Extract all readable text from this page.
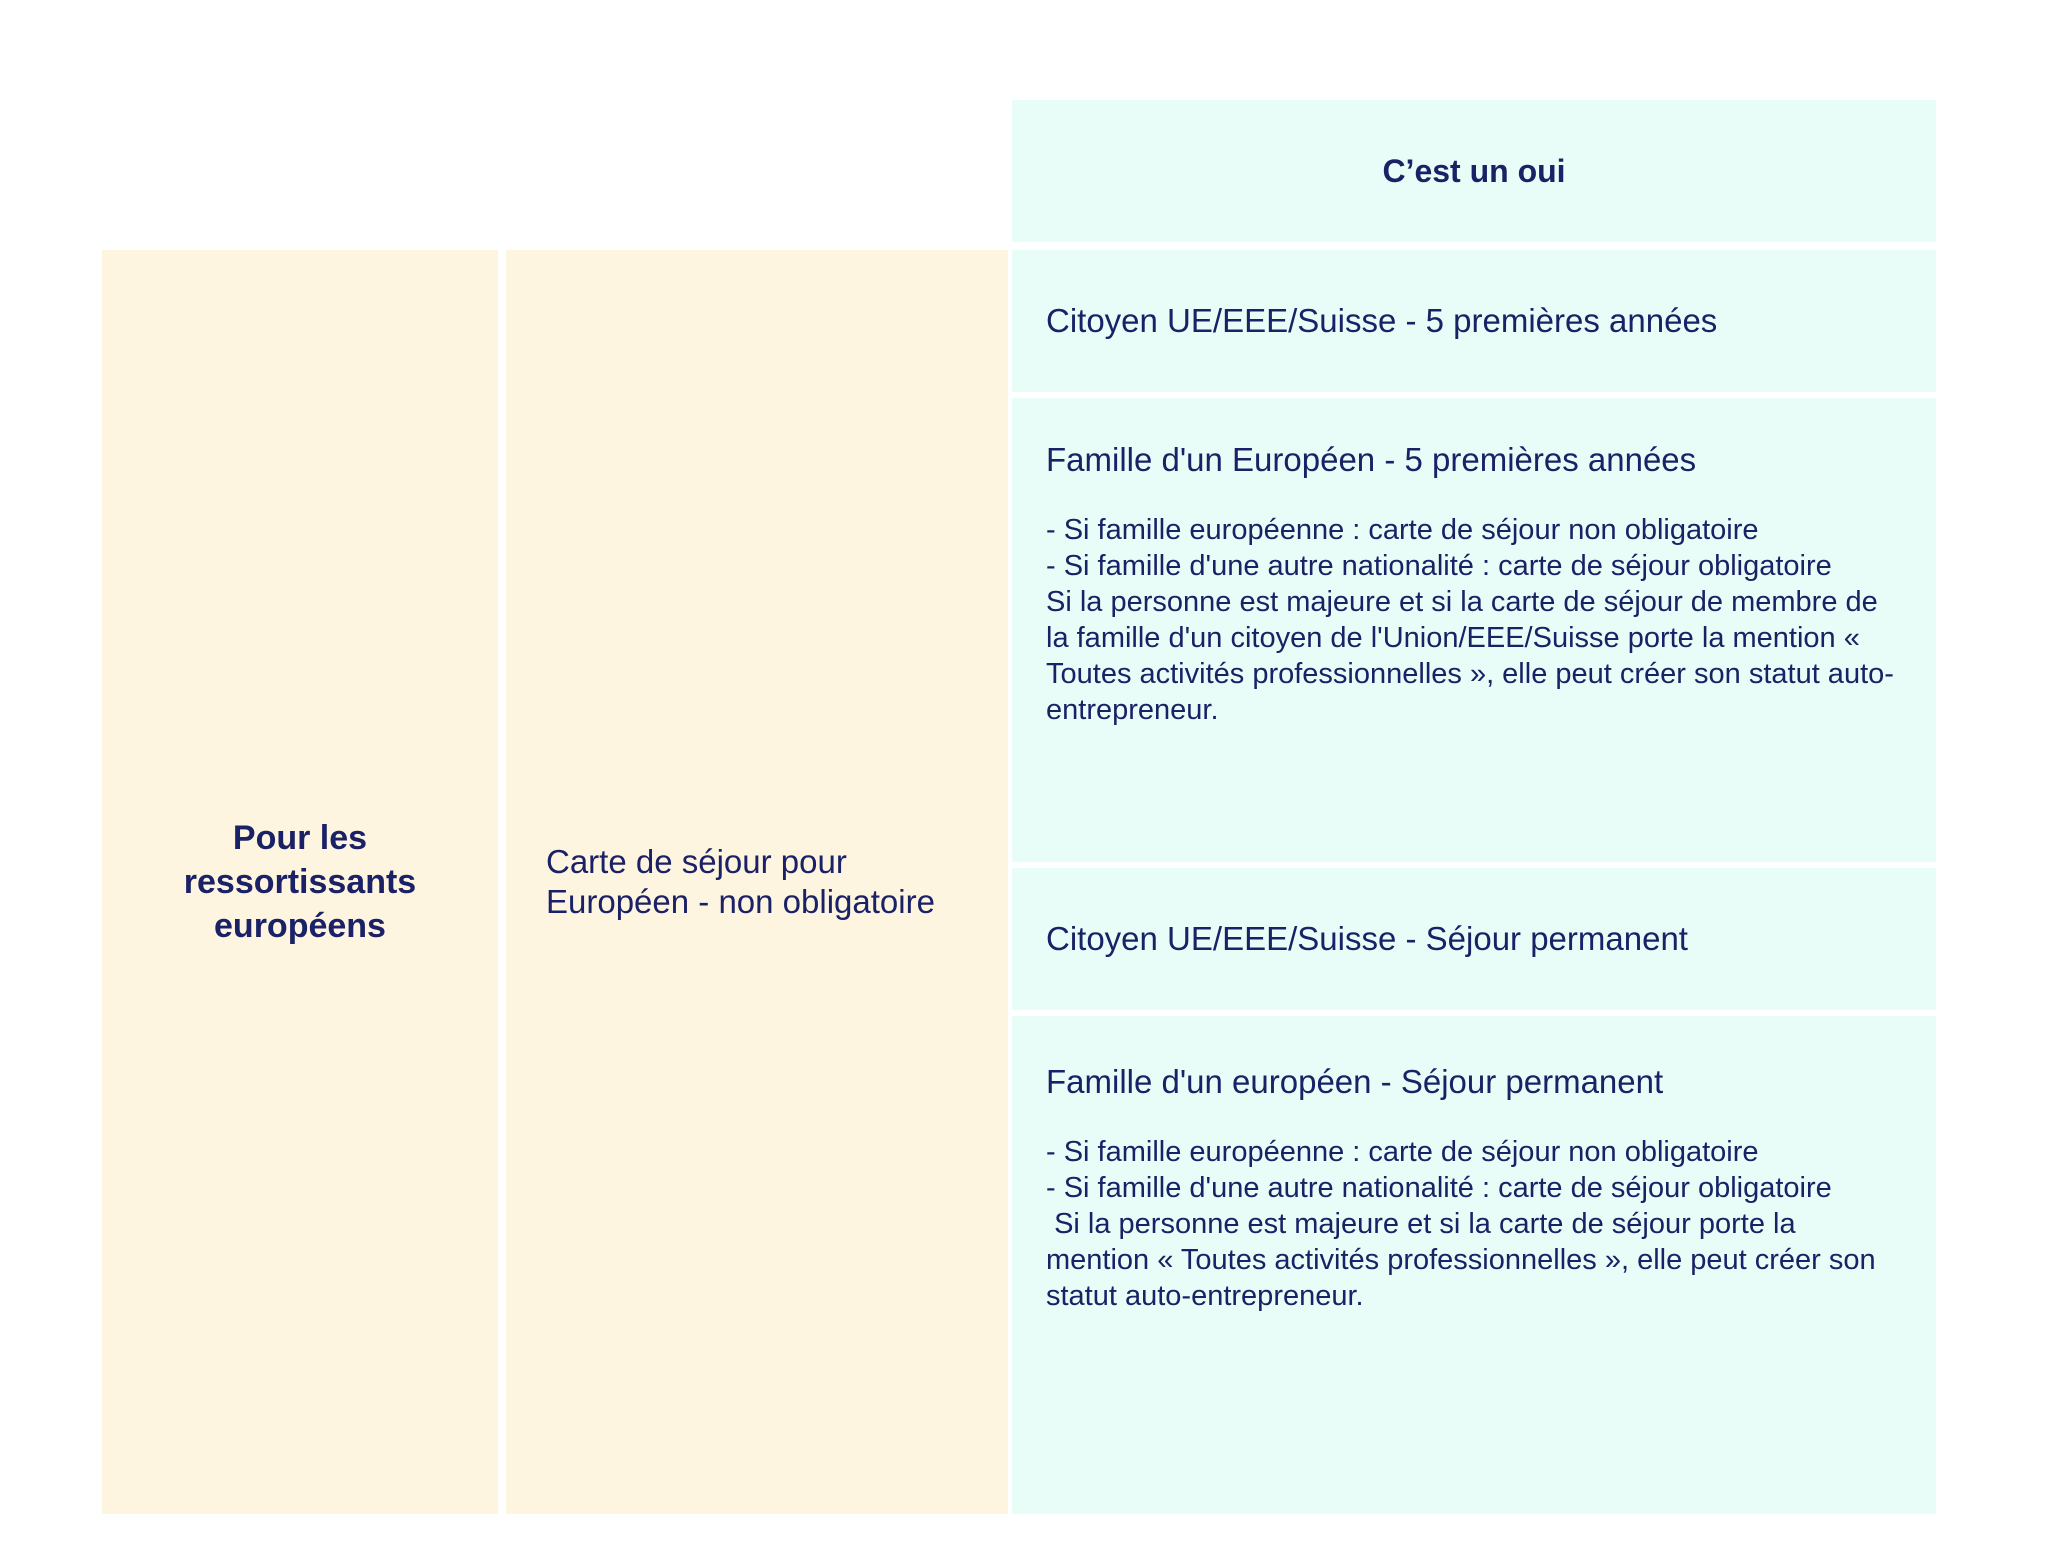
C’est un oui
Pour les ressortissants européens
Carte de séjour pour Européen - non obligatoire

Citoyen UE/EEE/Suisse - 5 premières années

Famille d'un Européen - 5 premières années

- Si famille européenne : carte de séjour non obligatoire
- Si famille d'une autre nationalité : carte de séjour obligatoire
Si la personne est majeure et si la carte de séjour de membre de la famille d'un citoyen de l'Union/EEE/Suisse porte la mention « Toutes activités professionnelles », elle peut créer son statut auto-entrepreneur.

Citoyen UE/EEE/Suisse - Séjour permanent

Famille d'un européen - Séjour permanent

- Si famille européenne : carte de séjour non obligatoire
- Si famille d'une autre nationalité : carte de séjour obligatoire
Si la personne est majeure et si la carte de séjour porte la mention « Toutes activités professionnelles », elle peut créer son statut auto-entrepreneur.
